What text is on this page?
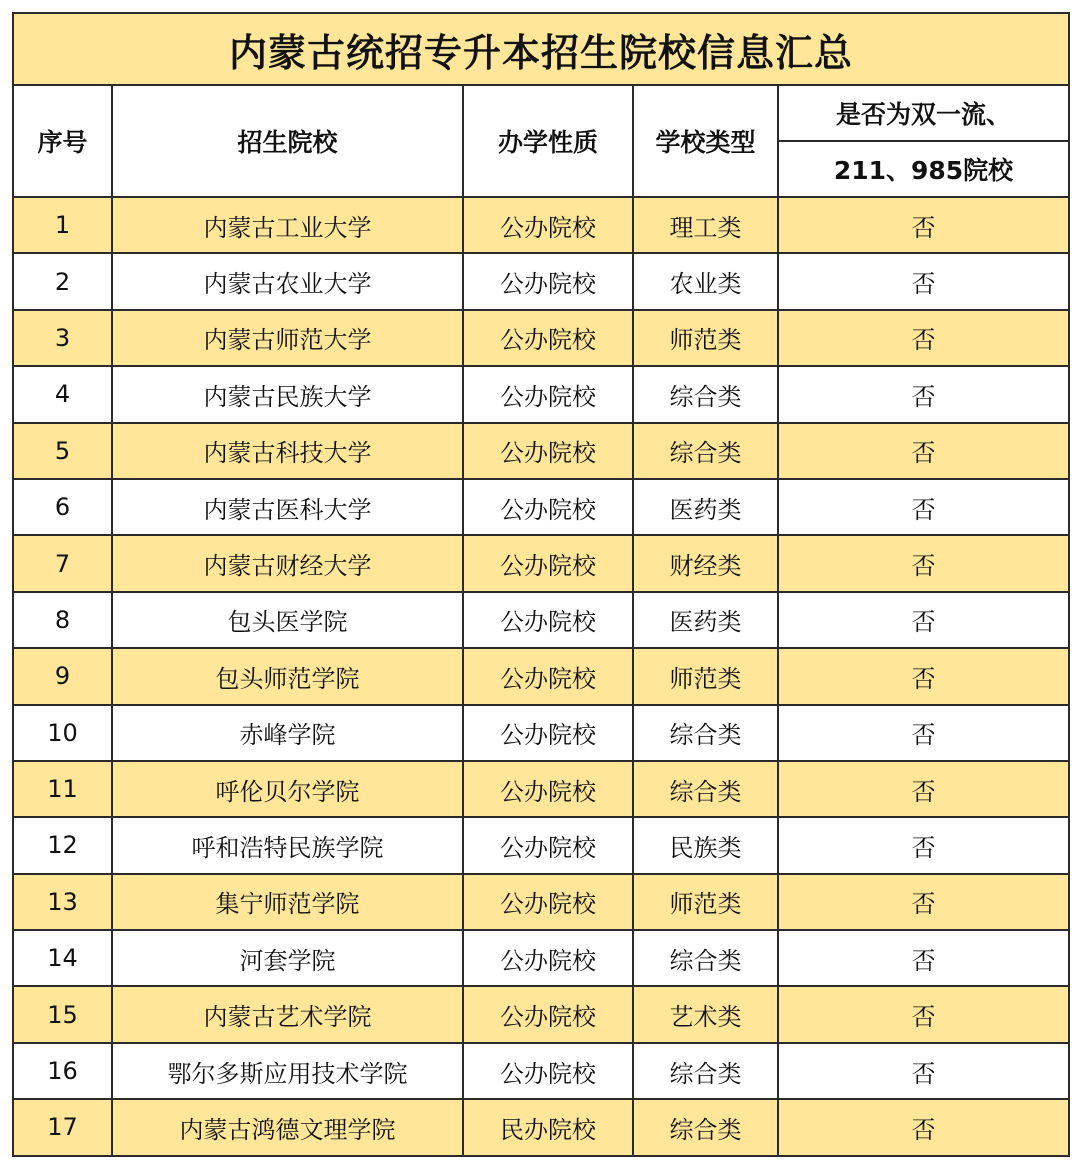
内蒙古统招专升本招生院校信息汇总				
序号	招生院校	办学性质	学校类型	是否为双一流、
				211、985院校
1	内蒙古工业大学	公办院校	理工类	否
2	内蒙古农业大学	公办院校	农业类	否
3	内蒙古师范大学	公办院校	师范类	否
4	内蒙古民族大学	公办院校	综合类	否
5	内蒙古科技大学	公办院校	综合类	否
6	内蒙古医科大学	公办院校	医药类	否
7	内蒙古财经大学	公办院校	财经类	否
8	包头医学院	公办院校	医药类	否
9	包头师范学院	公办院校	师范类	否
10	赤峰学院	公办院校	综合类	否
11	呼伦贝尔学院	公办院校	综合类	否
12	呼和浩特民族学院	公办院校	民族类	否
13	集宁师范学院	公办院校	师范类	否
14	河套学院	公办院校	综合类	否
15	内蒙古艺术学院	公办院校	艺术类	否
16	鄂尔多斯应用技术学院	公办院校	综合类	否
17	内蒙古鸿德文理学院	民办院校	综合类	否
